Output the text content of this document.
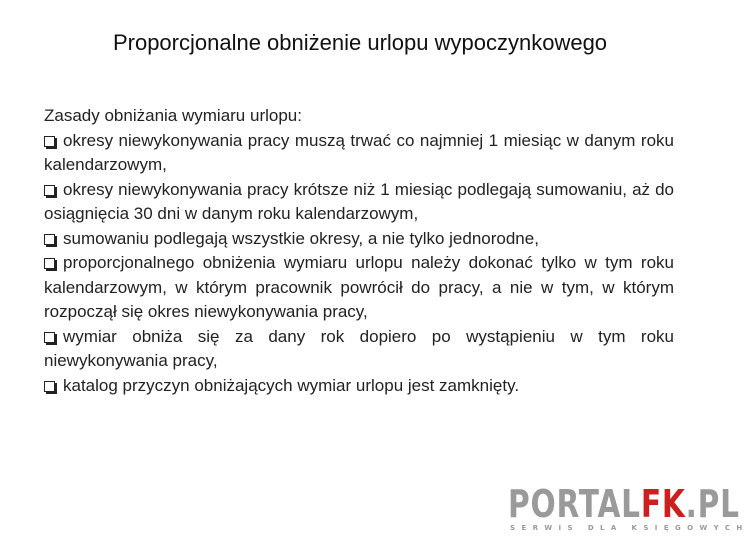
Proporcjonalne obniżenie urlopu wypoczynkowego

Zasady obniżania wymiaru urlopu:

okresy niewykonywania pracy muszą trwać co najmniej 1 miesiąc w danym roku kalendarzowym,
okresy niewykonywania pracy krótsze niż 1 miesiąc podlegają sumowaniu, aż do osiągnięcia 30 dni w danym roku kalendarzowym,
sumowaniu podlegają wszystkie okresy, a nie tylko jednorodne,
proporcjonalnego obniżenia wymiaru urlopu należy dokonać tylko w tym roku kalendarzowym, w którym pracownik powrócił do pracy, a nie w tym, w którym rozpoczął się okres niewykonywania pracy,
wymiar obniża się za dany rok dopiero po wystąpieniu w tym roku niewykonywania pracy,
katalog przyczyn obniżających wymiar urlopu jest zamknięty.
PORTALFK.PL
SERWIS DLA KSIĘGOWYCH
